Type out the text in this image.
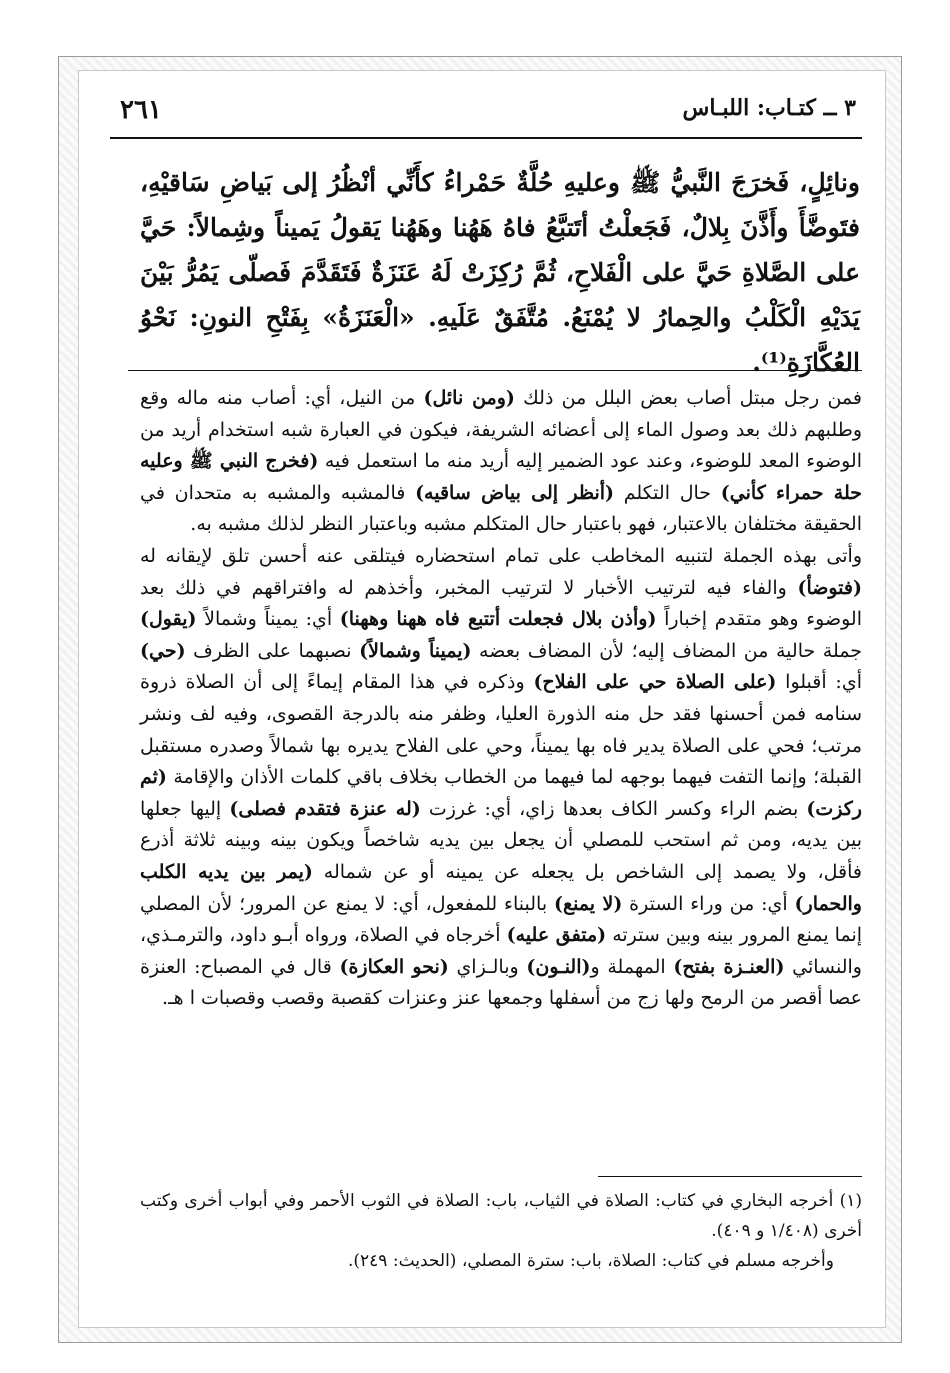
٢٦١	٣ ــ كتـاب: اللبـاس

ونائِلٍ، فَخرَجَ النَّبيُّ ﷺ وعليهِ حُلَّةٌ حَمْراءُ كأَنِّي أنْظُرُ إلى بَياضِ سَاقيْهِ، فتَوضَّأَ وأَذَّنَ بِلالٌ، فَجَعلْتُ أتَتبَّعُ فاهُ هَهُنا وهَهُنا يَقولُ يَميناً وشِمالاً: حَيَّ على الصَّلاةِ حَيَّ على الْفَلاحِ، ثُمَّ رُكِزَتْ لَهُ عَنَزَةٌ فَتَقَدَّمَ فَصلّى يَمُرُّ بَيْنَ يَدَيْهِ الْكَلْبُ والحِمارُ لا يُمْنَعُ. مُتَّفَقٌ عَلَيهِ. «الْعَنَزَةُ» بِفَتْحِ النونِ: نَحْوُ العُكَّازَةِ⁽¹⁾.

فمن رجل مبتل أصاب بعض البلل من ذلك (ومن نائل) من النيل، أي: أصاب منه ماله وقع وطلبهم ذلك بعد وصول الماء إلى أعضائه الشريفة، فيكون في العبارة شبه استخدام أريد من الوضوء المعد للوضوء، وعند عود الضمير إليه أريد منه ما استعمل فيه (فخرج النبي ﷺ وعليه حلة حمراء كأني) حال التكلم (أنظر إلى بياض ساقيه) فالمشبه والمشبه به متحدان في الحقيقة مختلفان بالاعتبار، فهو باعتبار حال المتكلم مشبه وباعتبار النظر لذلك مشبه به.

وأتى بهذه الجملة لتنبيه المخاطب على تمام استحضاره فيتلقى عنه أحسن تلق لإيقانه له (فتوضأ) والفاء فيه لترتيب الأخبار لا لترتيب المخبر، وأخذهم له وافتراقهم في ذلك بعد الوضوء وهو متقدم إخباراً (وأذن بلال فجعلت أتتبع فاه ههنا وههنا) أي: يميناً وشمالاً (يقول) جملة حالية من المضاف إليه؛ لأن المضاف بعضه (يميناً وشمالاً) نصبهما على الظرف (حي) أي: أقبلوا (على الصلاة حي على الفلاح) وذكره في هذا المقام إيماءً إلى أن الصلاة ذروة سنامه فمن أحسنها فقد حل منه الذورة العليا، وظفر منه بالدرجة القصوى، وفيه لف ونشر مرتب؛ فحي على الصلاة يدير فاه بها يميناً، وحي على الفلاح يديره بها شمالاً وصدره مستقبل القبلة؛ وإنما التفت فيهما بوجهه لما فيهما من الخطاب بخلاف باقي كلمات الأذان والإقامة (ثم ركزت) بضم الراء وكسر الكاف بعدها زاي، أي: غرزت (له عنزة فتقدم فصلى) إليها جعلها بين يديه، ومن ثم استحب للمصلي أن يجعل بين يديه شاخصاً ويكون بينه وبينه ثلاثة أذرع فأقل، ولا يصمد إلى الشاخص بل يجعله عن يمينه أو عن شماله (يمر بين يديه الكلب والحمار) أي: من وراء السترة (لا يمنع) بالبناء للمفعول، أي: لا يمنع عن المرور؛ لأن المصلي إنما يمنع المرور بينه وبين سترته (متفق عليه) أخرجاه في الصلاة، ورواه أبـو داود، والترمـذي، والنسائي (العنـزة بفتح) المهملة و(النـون) وبالـزاي (نحو العكازة) قال في المصباح: العنزة عصا أقصر من الرمح ولها زج من أسفلها وجمعها عنز وعنزات كقصبة وقصب وقصبات ا هـ.

(١) أخرجه البخاري في كتاب: الصلاة في الثياب، باب: الصلاة في الثوب الأحمر وفي أبواب أخرى وكتب أخرى (١/٤٠٨ و ٤٠٩).

وأخرجه مسلم في كتاب: الصلاة، باب: سترة المصلي، (الحديث: ٢٤٩).
